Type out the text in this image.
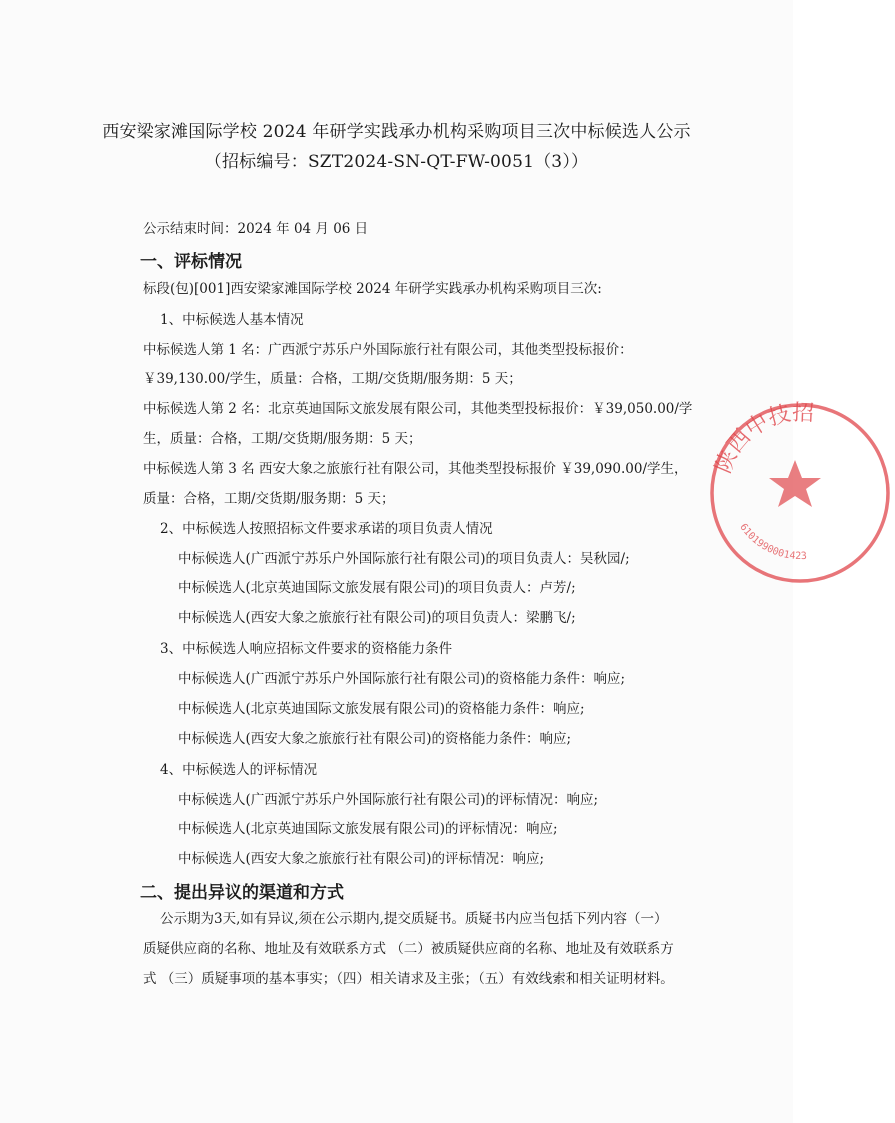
西安梁家滩国际学校 2024 年研学实践承办机构采购项目三次中标候选人公示
（招标编号：SZT2024-SN-QT-FW-0051（3））
公示结束时间：2024 年 04 月 06 日
一、评标情况
标段(包)[001]西安梁家滩国际学校 2024 年研学实践承办机构采购项目三次:
1、中标候选人基本情况
中标候选人第 1 名：广西派宁苏乐户外国际旅行社有限公司，其他类型投标报价：
￥39,130.00/学生，质量：合格，工期/交货期/服务期：5 天；
中标候选人第 2 名：北京英迪国际文旅发展有限公司，其他类型投标报价：￥39,050.00/学
生，质量：合格，工期/交货期/服务期：5 天；
中标候选人第 3 名 西安大象之旅旅行社有限公司，其他类型投标报价 ￥39,090.00/学生，
质量：合格，工期/交货期/服务期：5 天；
2、中标候选人按照招标文件要求承诺的项目负责人情况
中标候选人(广西派宁苏乐户外国际旅行社有限公司)的项目负责人：吴秋园/;
中标候选人(北京英迪国际文旅发展有限公司)的项目负责人：卢芳/;
中标候选人(西安大象之旅旅行社有限公司)的项目负责人：梁鹏飞/;
3、中标候选人响应招标文件要求的资格能力条件
中标候选人(广西派宁苏乐户外国际旅行社有限公司)的资格能力条件：响应;
中标候选人(北京英迪国际文旅发展有限公司)的资格能力条件：响应;
中标候选人(西安大象之旅旅行社有限公司)的资格能力条件：响应;
4、中标候选人的评标情况
中标候选人(广西派宁苏乐户外国际旅行社有限公司)的评标情况：响应;
中标候选人(北京英迪国际文旅发展有限公司)的评标情况：响应;
中标候选人(西安大象之旅旅行社有限公司)的评标情况：响应;
二、提出异议的渠道和方式
公示期为3天,如有异议,须在公示期内,提交质疑书。质疑书内应当包括下列内容（一）
质疑供应商的名称、地址及有效联系方式 （二）被质疑供应商的名称、地址及有效联系方
式 （三）质疑事项的基本事实；（四）相关请求及主张；（五）有效线索和相关证明材料。
陕西中技招
6101990001423
